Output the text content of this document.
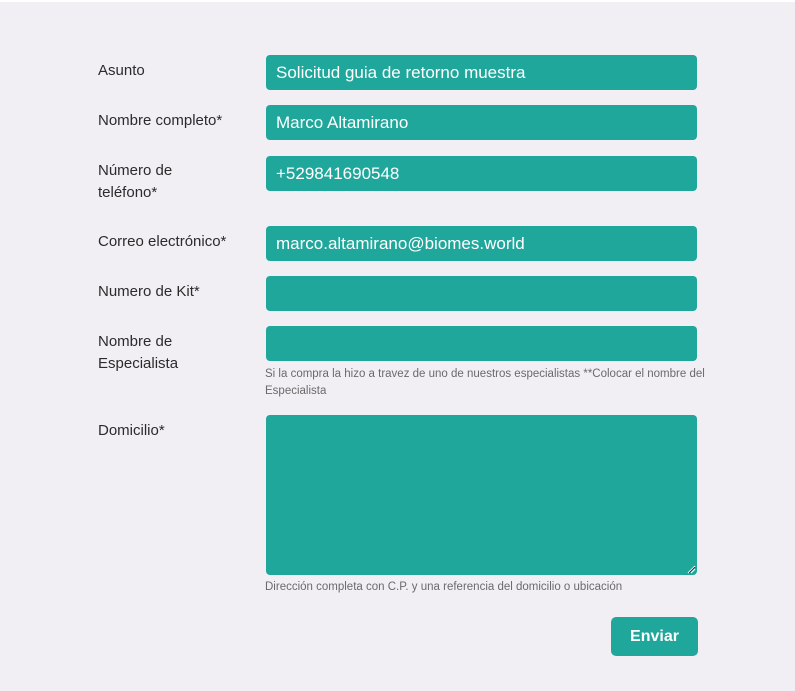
Asunto
Solicitud guia de retorno muestra
Nombre completo*
Marco Altamirano
Número de
teléfono*
+529841690548
Correo electrónico*
marco.altamirano@biomes.world
Numero de Kit*
Nombre de
Especialista
Si la compra la hizo a travez de uno de nuestros especialistas **Colocar el nombre del Especialista
Domicilio*
Dirección completa con C.P. y una referencia del domicilio o ubicación
Enviar
